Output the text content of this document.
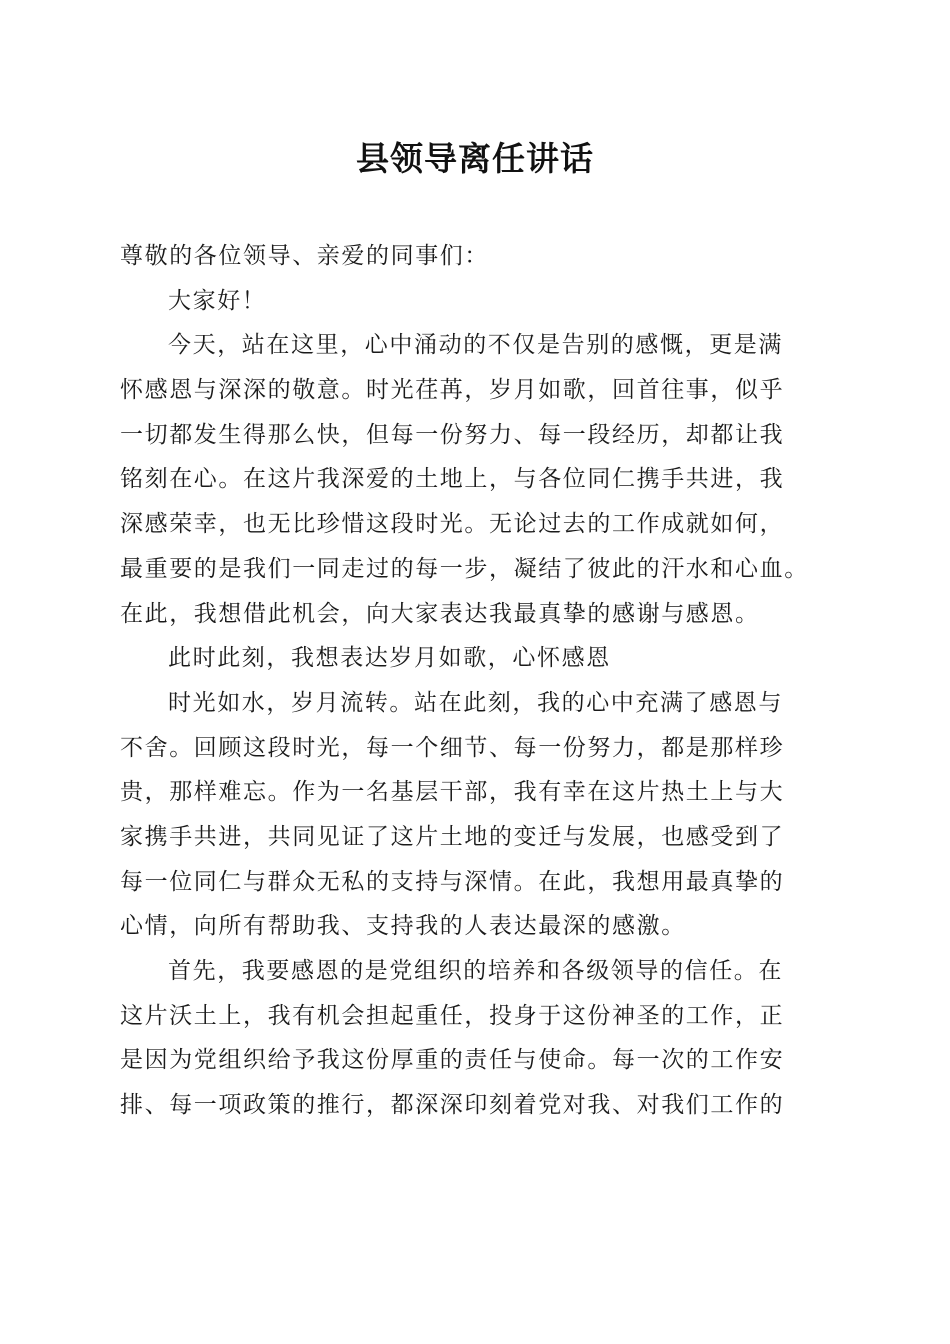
县领导离任讲话
尊敬的各位领导、亲爱的同事们：
大家好！
今天，站在这里，心中涌动的不仅是告别的感慨，更是满
怀感恩与深深的敬意。时光荏苒，岁月如歌，回首往事，似乎
一切都发生得那么快，但每一份努力、每一段经历，却都让我
铭刻在心。在这片我深爱的土地上，与各位同仁携手共进，我
深感荣幸，也无比珍惜这段时光。无论过去的工作成就如何，
最重要的是我们一同走过的每一步，凝结了彼此的汗水和心血。
在此，我想借此机会，向大家表达我最真挚的感谢与感恩。
此时此刻，我想表达岁月如歌，心怀感恩
时光如水，岁月流转。站在此刻，我的心中充满了感恩与
不舍。回顾这段时光，每一个细节、每一份努力，都是那样珍
贵，那样难忘。作为一名基层干部，我有幸在这片热土上与大
家携手共进，共同见证了这片土地的变迁与发展，也感受到了
每一位同仁与群众无私的支持与深情。在此，我想用最真挚的
心情，向所有帮助我、支持我的人表达最深的感激。
首先，我要感恩的是党组织的培养和各级领导的信任。在
这片沃土上，我有机会担起重任，投身于这份神圣的工作，正
是因为党组织给予我这份厚重的责任与使命。每一次的工作安
排、每一项政策的推行，都深深印刻着党对我、对我们工作的
